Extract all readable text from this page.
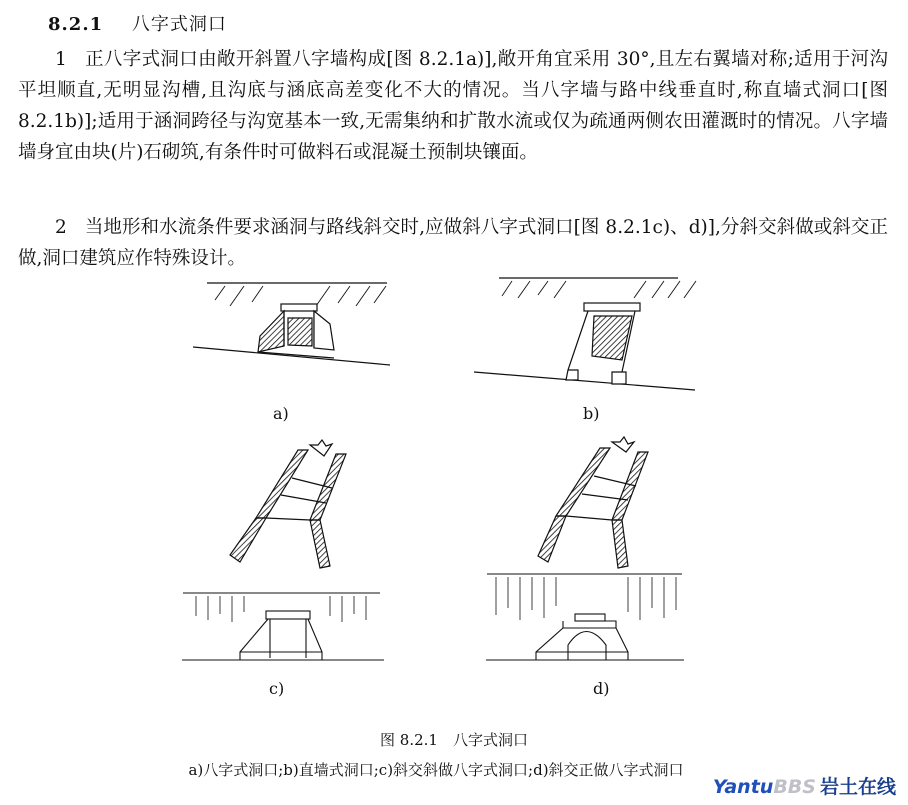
8.2.1 八字式洞口
1 正八字式洞口由敞开斜置八字墙构成[图 8.2.1a)],敞开角宜采用 30°,且左右翼墙对称;适用于河沟平坦顺直,无明显沟槽,且沟底与涵底高差变化不大的情况。当八字墙与路中线垂直时,称直墙式洞口[图 8.2.1b)];适用于涵洞跨径与沟宽基本一致,无需集纳和扩散水流或仅为疏通两侧农田灌溉时的情况。八字墙墙身宜由块(片)石砌筑,有条件时可做料石或混凝土预制块镶面。
2 当地形和水流条件要求涵洞与路线斜交时,应做斜八字式洞口[图 8.2.1c)、d)],分斜交斜做或斜交正做,洞口建筑应作特殊设计。
a)	b)
c)	d)
图 8.2.1　八字式洞口
a)八字式洞口;b)直墙式洞口;c)斜交斜做八字式洞口;d)斜交正做八字式洞口
YantuBBS 岩土在线
